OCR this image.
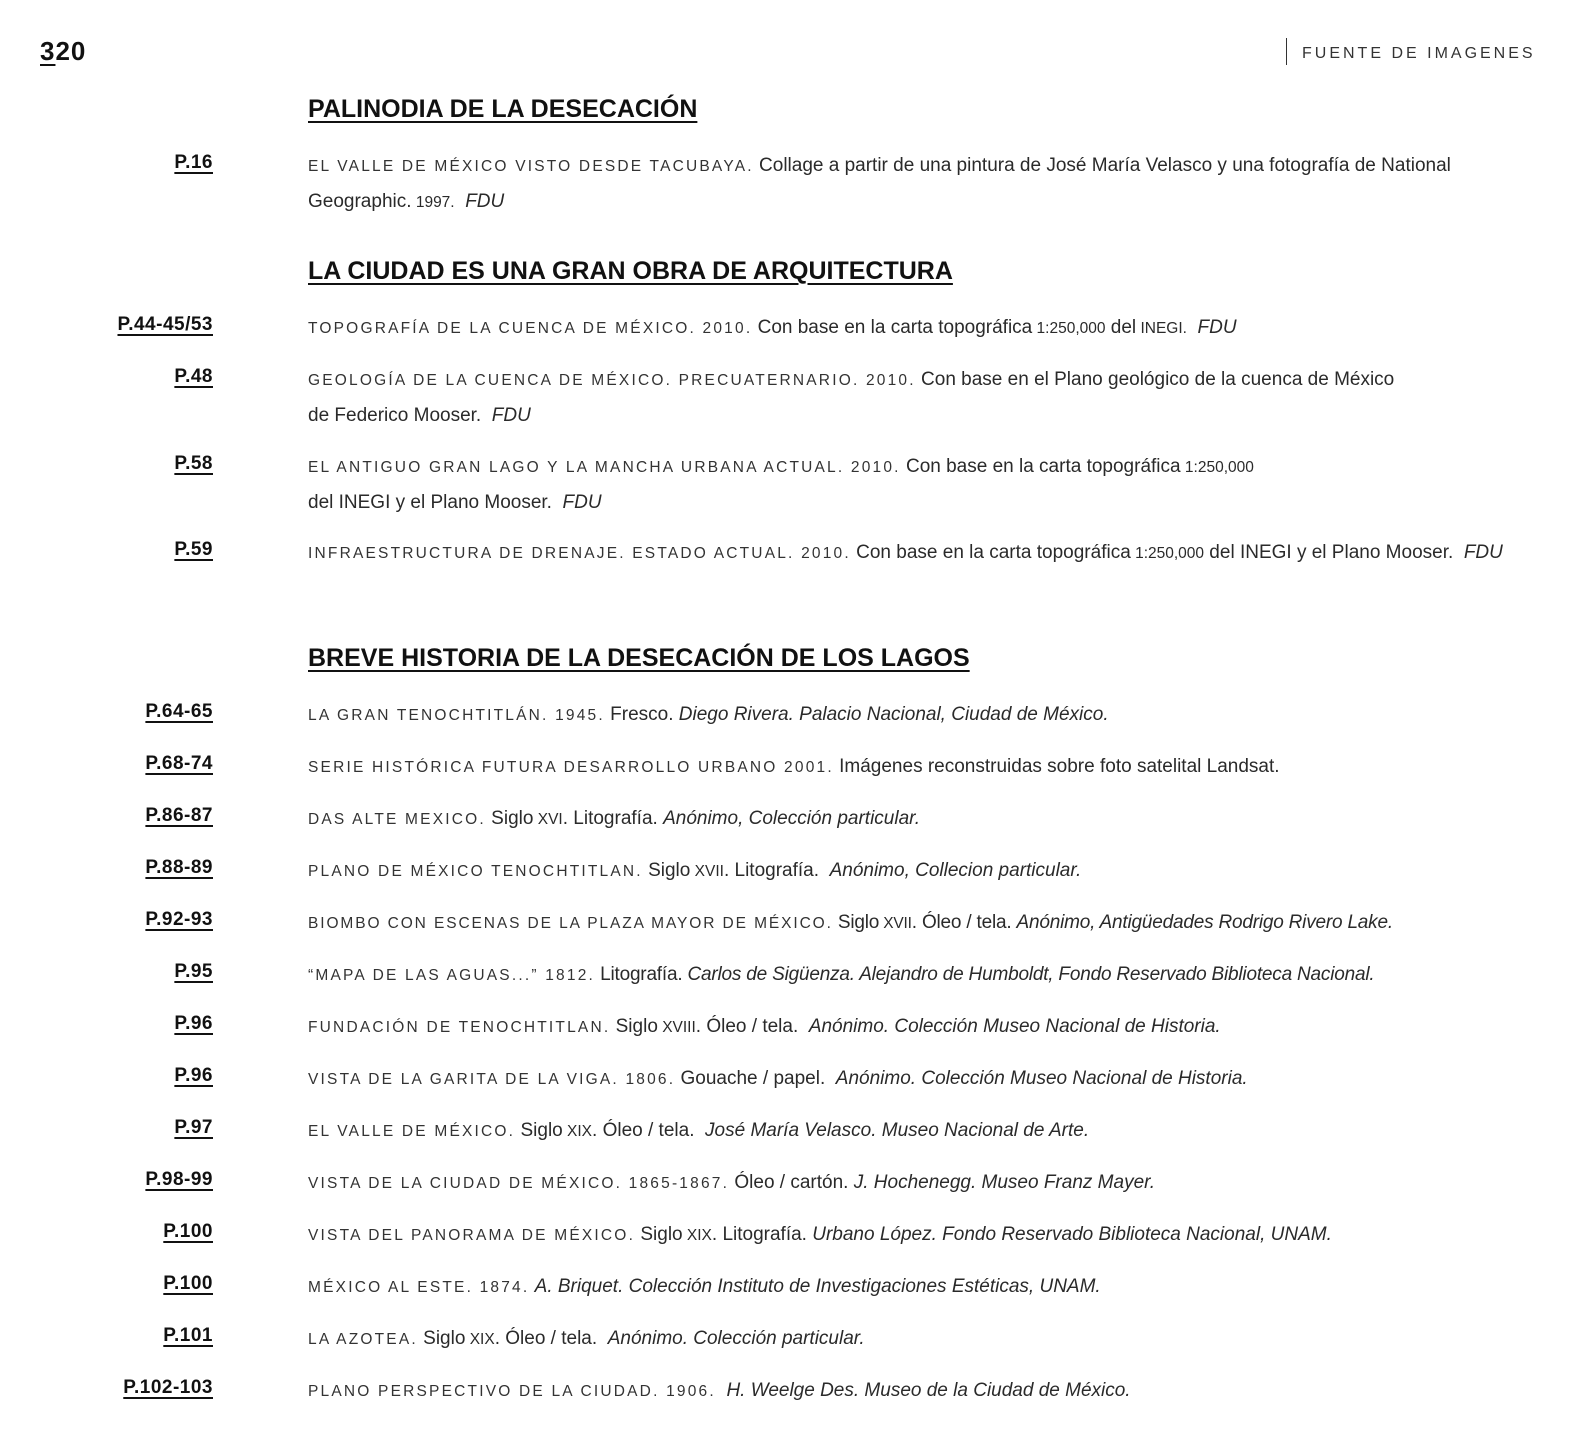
320	FUENTE DE IMAGENES
PALINODIA DE LA DESECACIÓN
P.16	EL VALLE DE MÉXICO VISTO DESDE TACUBAYA. Collage a partir de una pintura de José María Velasco y una fotografía de National Geographic. 1997. FDU
LA CIUDAD ES UNA GRAN OBRA DE ARQUITECTURA
P.44-45/53	TOPOGRAFÍA DE LA CUENCA DE MÉXICO. 2010. Con base en la carta topográfica 1:250,000 del INEGI. FDU
P.48	GEOLOGÍA DE LA CUENCA DE MÉXICO. PRECUATERNARIO. 2010. Con base en el Plano geológico de la cuenca de México de Federico Mooser. FDU
P.58	EL ANTIGUO GRAN LAGO Y LA MANCHA URBANA ACTUAL. 2010. Con base en la carta topográfica 1:250,000
del INEGI y el Plano Mooser. FDU
P.59	INFRAESTRUCTURA DE DRENAJE. ESTADO ACTUAL. 2010. Con base en la carta topográfica 1:250,000 del INEGI y el Plano Mooser. FDU
BREVE HISTORIA DE LA DESECACIÓN DE LOS LAGOS
P.64-65	LA GRAN TENOCHTITLÁN. 1945. Fresco. Diego Rivera. Palacio Nacional, Ciudad de México.
P.68-74	SERIE HISTÓRICA FUTURA DESARROLLO URBANO 2001. Imágenes reconstruidas sobre foto satelital Landsat.
P.86-87	DAS ALTE MEXICO. Siglo XVI. Litografía. Anónimo, Colección particular.
P.88-89	PLANO DE MÉXICO TENOCHTITLAN. Siglo XVII. Litografía. Anónimo, Collecion particular.
P.92-93	BIOMBO CON ESCENAS DE LA PLAZA MAYOR DE MÉXICO. Siglo XVII. Óleo / tela. Anónimo, Antigüedades Rodrigo Rivero Lake.
P.95	“MAPA DE LAS AGUAS...” 1812. Litografía. Carlos de Sigüenza. Alejandro de Humboldt, Fondo Reservado Biblioteca Nacional.
P.96	FUNDACIÓN DE TENOCHTITLAN. Siglo XVIII. Óleo / tela. Anónimo. Colección Museo Nacional de Historia.
P.96	VISTA DE LA GARITA DE LA VIGA. 1806. Gouache / papel. Anónimo. Colección Museo Nacional de Historia.
P.97	EL VALLE DE MÉXICO. Siglo XIX. Óleo / tela. José María Velasco. Museo Nacional de Arte.
P.98-99	VISTA DE LA CIUDAD DE MÉXICO. 1865-1867. Óleo / cartón. J. Hochenegg. Museo Franz Mayer.
P.100	VISTA DEL PANORAMA DE MÉXICO. Siglo XIX. Litografía. Urbano López. Fondo Reservado Biblioteca Nacional, UNAM.
P.100	MÉXICO AL ESTE. 1874. A. Briquet. Colección Instituto de Investigaciones Estéticas, UNAM.
P.101	LA AZOTEA. Siglo XIX. Óleo / tela. Anónimo. Colección particular.
P.102-103	PLANO PERSPECTIVO DE LA CIUDAD. 1906. H. Weelge Des. Museo de la Ciudad de México.
